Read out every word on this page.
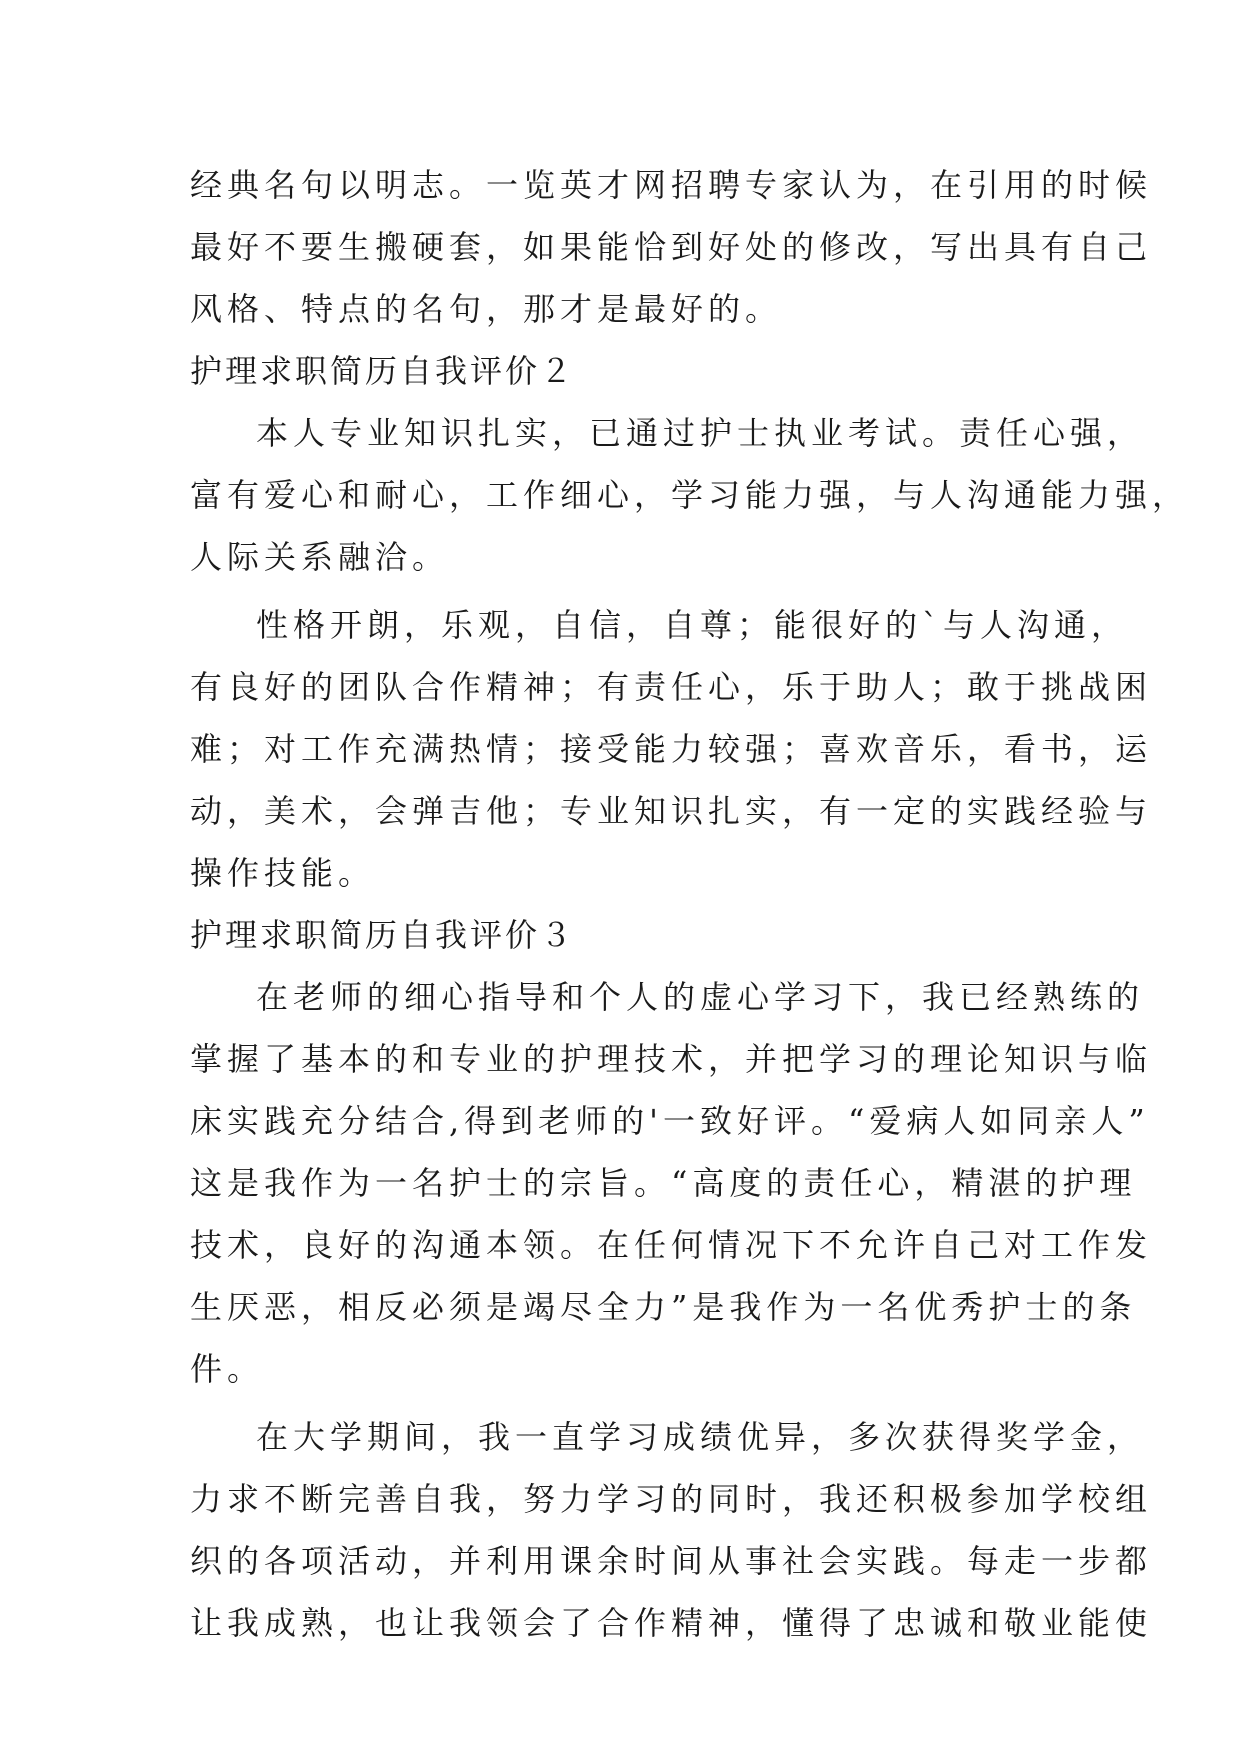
经典名句以明志。一览英才网招聘专家认为，在引用的时候
最好不要生搬硬套，如果能恰到好处的修改，写出具有自己
风格、特点的名句，那才是最好的。
护理求职简历自我评价２
本人专业知识扎实，已通过护士执业考试。责任心强，
富有爱心和耐心，工作细心，学习能力强，与人沟通能力强，
人际关系融洽。
性格开朗，乐观，自信，自尊；能很好的`与人沟通，
有良好的团队合作精神；有责任心，乐于助人；敢于挑战困
难；对工作充满热情；接受能力较强；喜欢音乐，看书，运
动，美术，会弹吉他；专业知识扎实，有一定的实践经验与
操作技能。
护理求职简历自我评价３
在老师的细心指导和个人的虚心学习下，我已经熟练的
掌握了基本的和专业的护理技术，并把学习的理论知识与临
床实践充分结合,得到老师的'一致好评。“爱病人如同亲人”
这是我作为一名护士的宗旨。“高度的责任心，精湛的护理
技术，良好的沟通本领。在任何情况下不允许自己对工作发
生厌恶，相反必须是竭尽全力”是我作为一名优秀护士的条
件。
在大学期间，我一直学习成绩优异，多次获得奖学金，
力求不断完善自我，努力学习的同时，我还积极参加学校组
织的各项活动，并利用课余时间从事社会实践。每走一步都
让我成熟，也让我领会了合作精神，懂得了忠诚和敬业能使
